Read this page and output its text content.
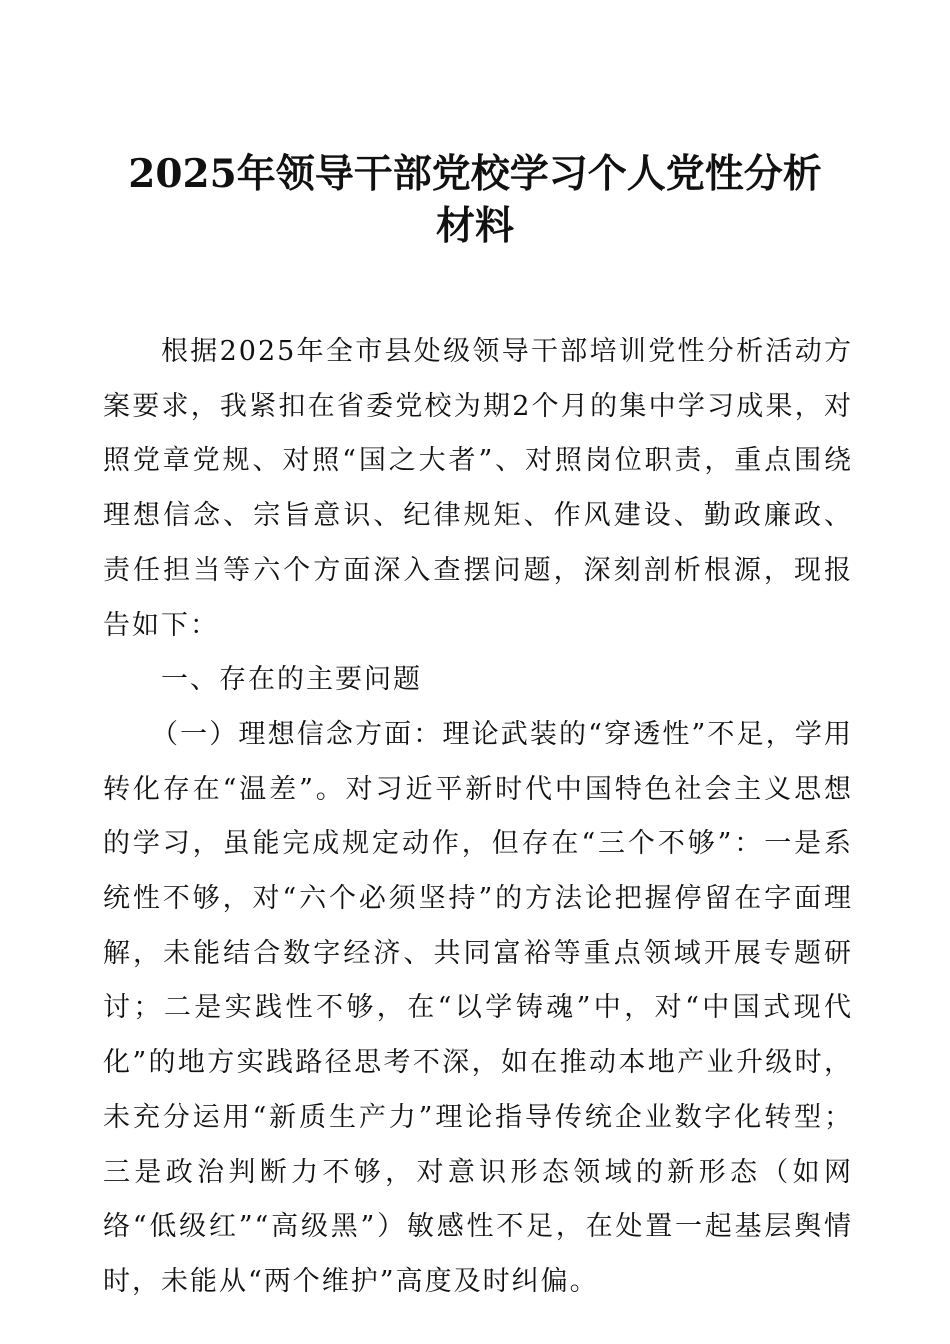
2025年领导干部党校学习个人党性分析
材料

根据2025年全市县处级领导干部培训党性分析活动方案要求，我紧扣在省委党校为期2个月的集中学习成果，对照党章党规、对照“国之大者”、对照岗位职责，重点围绕理想信念、宗旨意识、纪律规矩、作风建设、勤政廉政、责任担当等六个方面深入查摆问题，深刻剖析根源，现报告如下：

一、存在的主要问题

（一）理想信念方面：理论武装的“穿透性”不足，学用转化存在“温差”。对习近平新时代中国特色社会主义思想的学习，虽能完成规定动作，但存在“三个不够”：一是系统性不够，对“六个必须坚持”的方法论把握停留在字面理解，未能结合数字经济、共同富裕等重点领域开展专题研讨；二是实践性不够，在“以学铸魂”中，对“中国式现代化”的地方实践路径思考不深，如在推动本地产业升级时，未充分运用“新质生产力”理论指导传统企业数字化转型；三是政治判断力不够，对意识形态领域的新形态（如网络“低级红”“高级黑”）敏感性不足，在处置一起基层舆情时，未能从“两个维护”高度及时纠偏。
